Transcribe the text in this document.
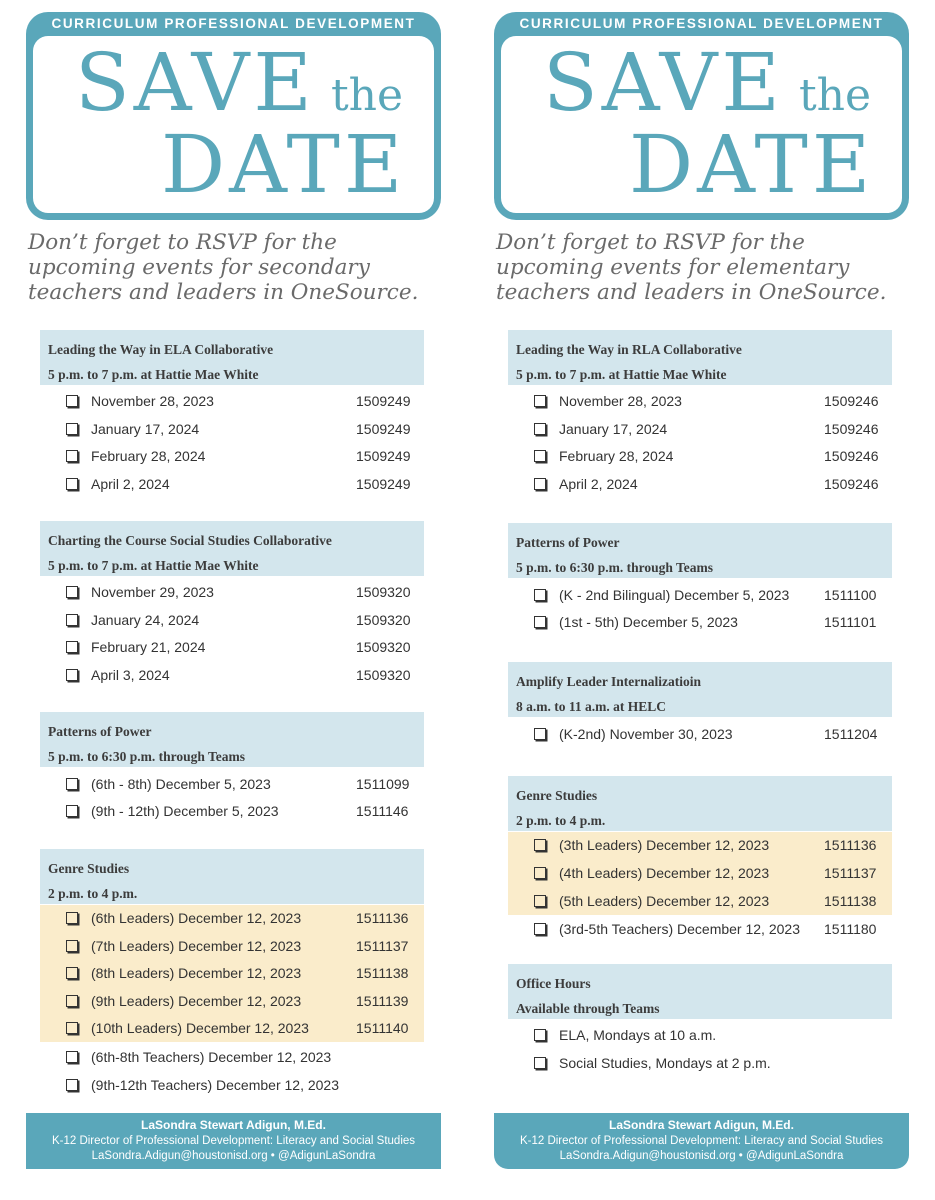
CURRICULUM PROFESSIONAL DEVELOPMENT
SAVE the
DATE
Don’t forget to RSVP for the upcoming events for secondary teachers and leaders in OneSource.
Leading the Way in ELA Collaborative
5 p.m. to 7 p.m. at Hattie Mae White
November 28, 2023	1509249
January 17, 2024	1509249
February 28, 2024	1509249
April 2, 2024	1509249
Charting the Course Social Studies Collaborative
5 p.m. to 7 p.m. at Hattie Mae White
November 29, 2023	1509320
January 24, 2024	1509320
February 21, 2024	1509320
April 3, 2024	1509320
Patterns of Power
5 p.m. to 6:30 p.m. through Teams
(6th - 8th) December 5, 2023	1511099
(9th - 12th) December 5, 2023	1511146
Genre Studies
2 p.m. to 4 p.m.
(6th Leaders) December 12, 2023	1511136
(7th Leaders) December 12, 2023	1511137
(8th Leaders) December 12, 2023	1511138
(9th Leaders) December 12, 2023	1511139
(10th Leaders) December 12, 2023	1511140
(6th-8th Teachers) December 12, 2023
(9th-12th Teachers) December 12, 2023
LaSondra Stewart Adigun, M.Ed.
K-12 Director of Professional Development: Literacy and Social Studies
LaSondra.Adigun@houstonisd.org • @AdigunLaSondra
CURRICULUM PROFESSIONAL DEVELOPMENT
SAVE the
DATE
Don’t forget to RSVP for the upcoming events for elementary teachers and leaders in OneSource.
Leading the Way in RLA Collaborative
5 p.m. to 7 p.m. at Hattie Mae White
November 28, 2023	1509246
January 17, 2024	1509246
February 28, 2024	1509246
April 2, 2024	1509246
Patterns of Power
5 p.m. to 6:30 p.m. through Teams
(K - 2nd Bilingual) December 5, 2023 1511100
(1st - 5th) December 5, 2023	1511101
Amplify Leader Internalizatioin
8 a.m. to 11 a.m. at HELC
(K-2nd) November 30, 2023	1511204
Genre Studies
2 p.m. to 4 p.m.
(3th Leaders) December 12, 2023	1511136
(4th Leaders) December 12, 2023	1511137
(5th Leaders) December 12, 2023	1511138
(3rd-5th Teachers) December 12, 2023 1511180
Office Hours
Available through Teams
ELA, Mondays at 10 a.m.
Social Studies, Mondays at 2 p.m.
LaSondra Stewart Adigun, M.Ed.
K-12 Director of Professional Development: Literacy and Social Studies
LaSondra.Adigun@houstonisd.org • @AdigunLaSondra
